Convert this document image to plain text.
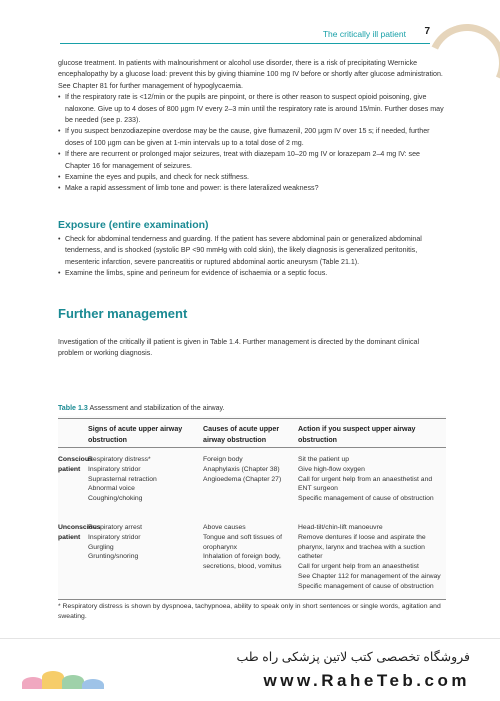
The critically ill patient 7

glucose treatment. In patients with malnourishment or alcohol use disorder, there is a risk of precipitating Wernicke encephalopathy by a glucose load: prevent this by giving thiamine 100 mg IV before or shortly after glucose administration. See Chapter 81 for further management of hypoglycaemia.

• If the respiratory rate is <12/min or the pupils are pinpoint, or there is other reason to suspect opioid poisoning, give naloxone. Give up to 4 doses of 800 µgm IV every 2–3 min until the respiratory rate is around 15/min. Further doses may be needed (see p. 233).
• If you suspect benzodiazepine overdose may be the cause, give flumazenil, 200 µgm IV over 15 s; if needed, further doses of 100 µgm can be given at 1-min intervals up to a total dose of 2 mg.
• If there are recurrent or prolonged major seizures, treat with diazepam 10–20 mg IV or lorazepam 2–4 mg IV: see Chapter 16 for management of seizures.
• Examine the eyes and pupils, and check for neck stiffness.
• Make a rapid assessment of limb tone and power: is there lateralized weakness?
Exposure (entire examination)
• Check for abdominal tenderness and guarding. If the patient has severe abdominal pain or generalized abdominal tenderness, and is shocked (systolic BP <90 mmHg with cold skin), the likely diagnosis is generalized peritonitis, mesenteric infarction, severe pancreatitis or ruptured abdominal aortic aneurysm (Table 21.1).
• Examine the limbs, spine and perineum for evidence of ischaemia or a septic focus.
Further management

Investigation of the critically ill patient is given in Table 1.4. Further management is directed by the dominant clinical problem or working diagnosis.

Table 1.3 Assessment and stabilization of the airway.
Signs of acute upper airway obstruction
Causes of acute upper airway obstruction
Action if you suspect upper airway obstruction
Conscious patient
Respiratory distress*
Inspiratory stridor
Suprasternal retraction
Abnormal voice
Coughing/choking
Foreign body
Anaphylaxis (Chapter 38)
Angioedema (Chapter 27)
Sit the patient up
Give high-flow oxygen
Call for urgent help from an anaesthetist and ENT surgeon
Specific management of cause of obstruction
Unconscious patient
Respiratory arrest
Inspiratory stridor
Gurgling
Grunting/snoring
Above causes
Tongue and soft tissues of oropharynx
Inhalation of foreign body, secretions, blood, vomitus
Head-tilt/chin-lift manoeuvre
Remove dentures if loose and aspirate the pharynx, larynx and trachea with a suction catheter
Call for urgent help from an anaesthetist
See Chapter 112 for management of the airway
Specific management of cause of obstruction

* Respiratory distress is shown by dyspnoea, tachypnoea, ability to speak only in short sentences or single words, agitation and sweating.

فروشگاه تخصصی کتب لاتین پزشکی راه طب
www.RaheTeb.com
